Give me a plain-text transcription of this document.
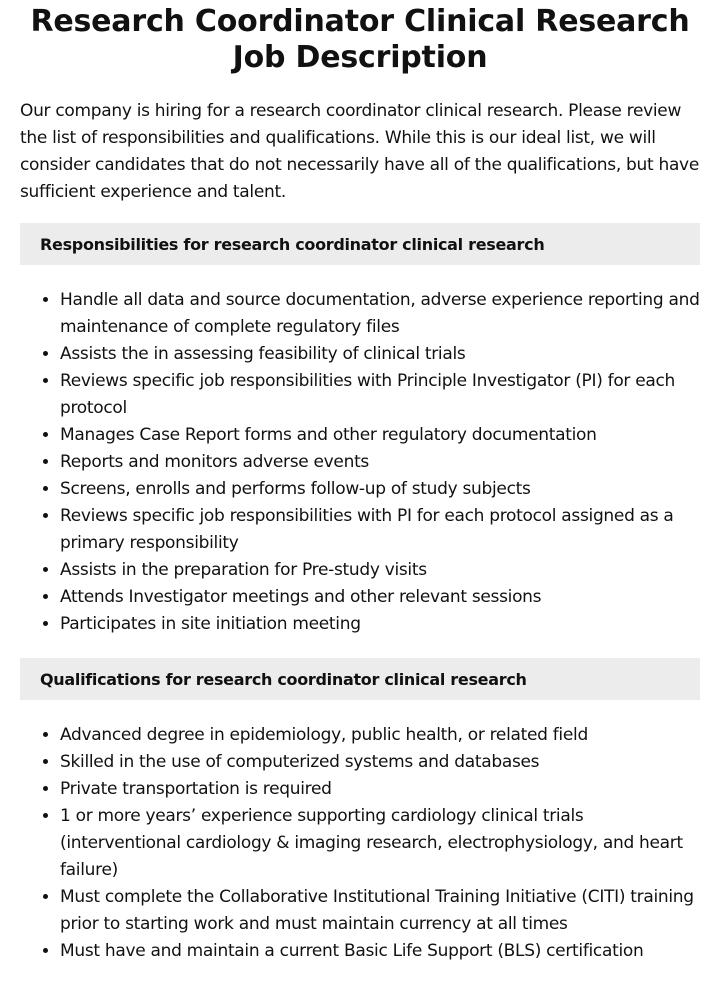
Research Coordinator Clinical Research Job Description

Our company is hiring for a research coordinator clinical research. Please review the list of responsibilities and qualifications. While this is our ideal list, we will consider candidates that do not necessarily have all of the qualifications, but have sufficient experience and talent.

Responsibilities for research coordinator clinical research
• Handle all data and source documentation, adverse experience reporting and maintenance of complete regulatory files
• Assists the in assessing feasibility of clinical trials
• Reviews specific job responsibilities with Principle Investigator (PI) for each protocol
• Manages Case Report forms and other regulatory documentation
• Reports and monitors adverse events
• Screens, enrolls and performs follow-up of study subjects
• Reviews specific job responsibilities with PI for each protocol assigned as a primary responsibility
• Assists in the preparation for Pre-study visits
• Attends Investigator meetings and other relevant sessions
• Participates in site initiation meeting
Qualifications for research coordinator clinical research
• Advanced degree in epidemiology, public health, or related field
• Skilled in the use of computerized systems and databases
• Private transportation is required
• 1 or more years’ experience supporting cardiology clinical trials (interventional cardiology & imaging research, electrophysiology, and heart failure)
• Must complete the Collaborative Institutional Training Initiative (CITI) training prior to starting work and must maintain currency at all times
• Must have and maintain a current Basic Life Support (BLS) certification
